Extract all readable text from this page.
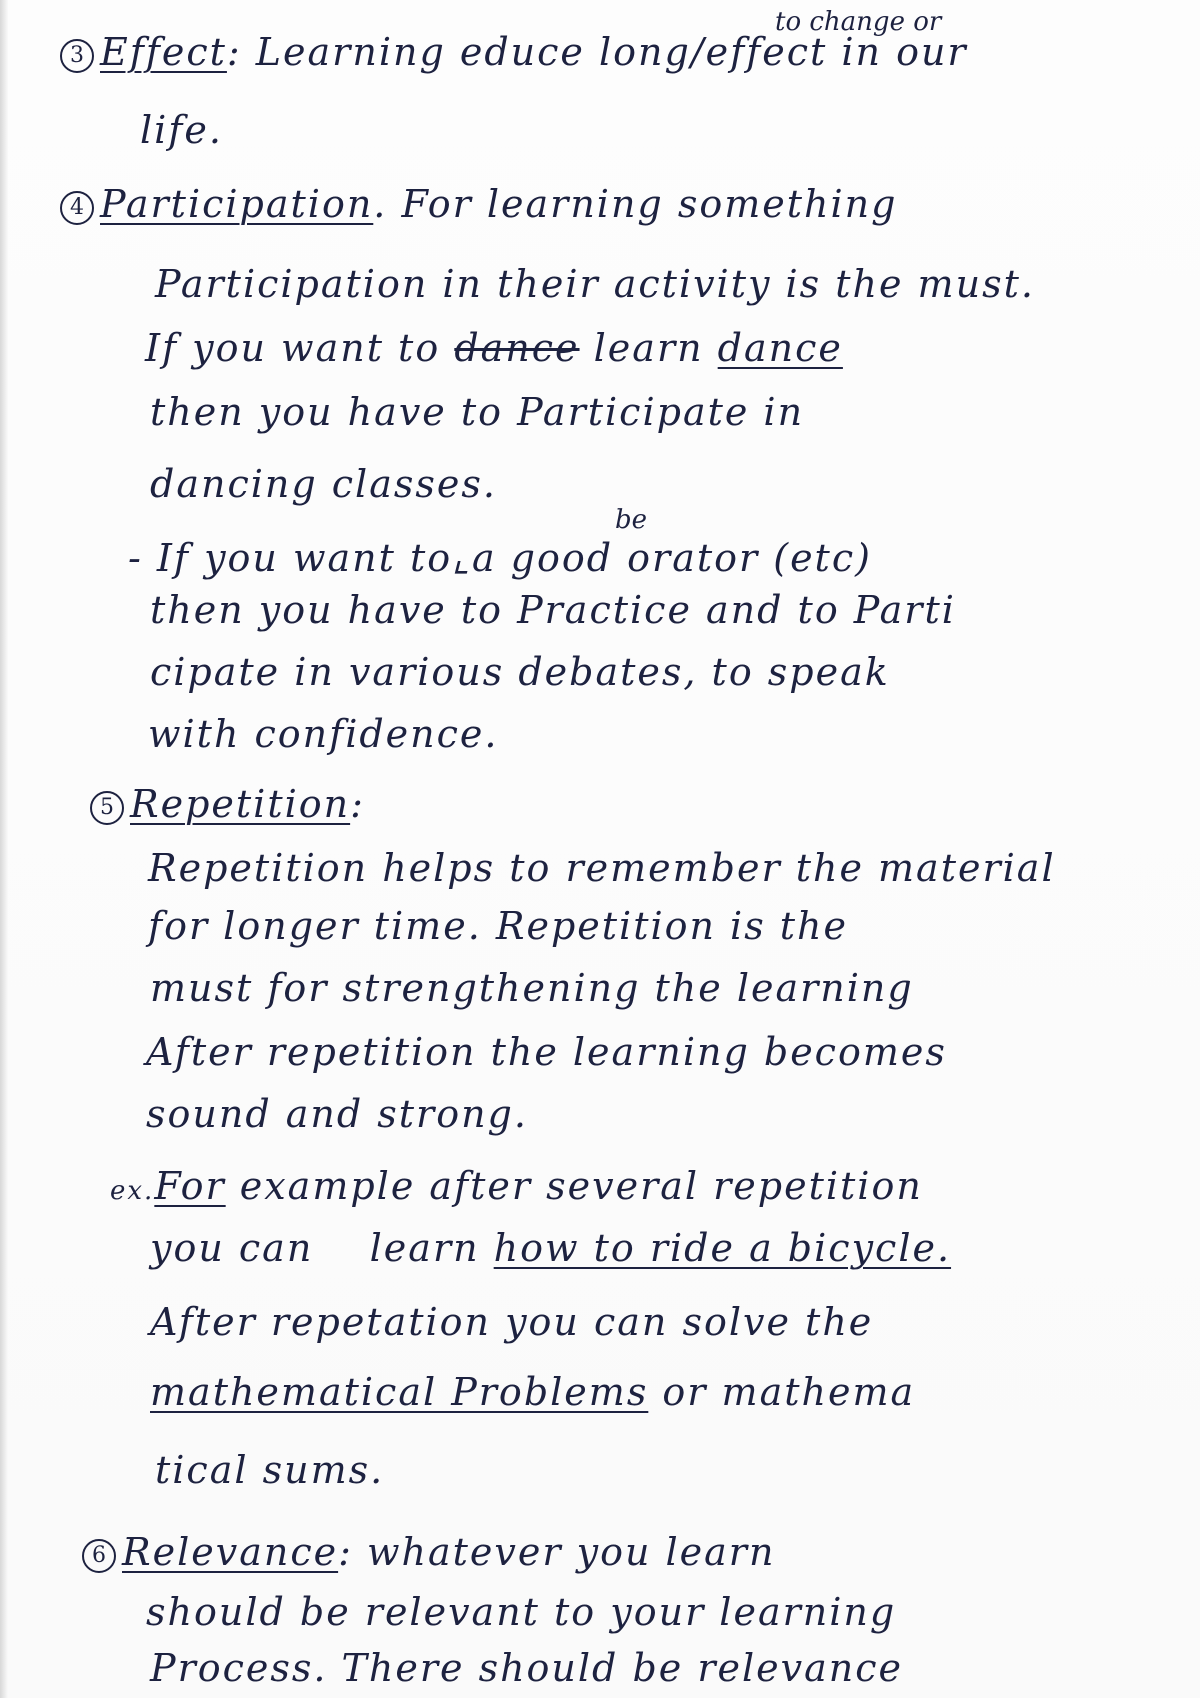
to change or
3 Effect: Learning educe long/effect in our
life.
4 Participation. For learning something
Participation in their activity is the must.
If you want to dance learn dance
then you have to Participate in
dancing classes.
be
- If you want to⌞a good orator (etc)
then you have to Practice and to Parti
cipate in various debates, to speak
with confidence.
5 Repetition:
Repetition helps to remember the material
for longer time. Repetition is the
must for strengthening the learning
After repetition the learning becomes
sound and strong.
ex.For example after several repetition
you can learn how to ride a bicycle.
After repetation you can solve the
mathematical Problems or mathema
tical sums.
6 Relevance: whatever you learn
should be relevant to your learning
Process. There should be relevance
